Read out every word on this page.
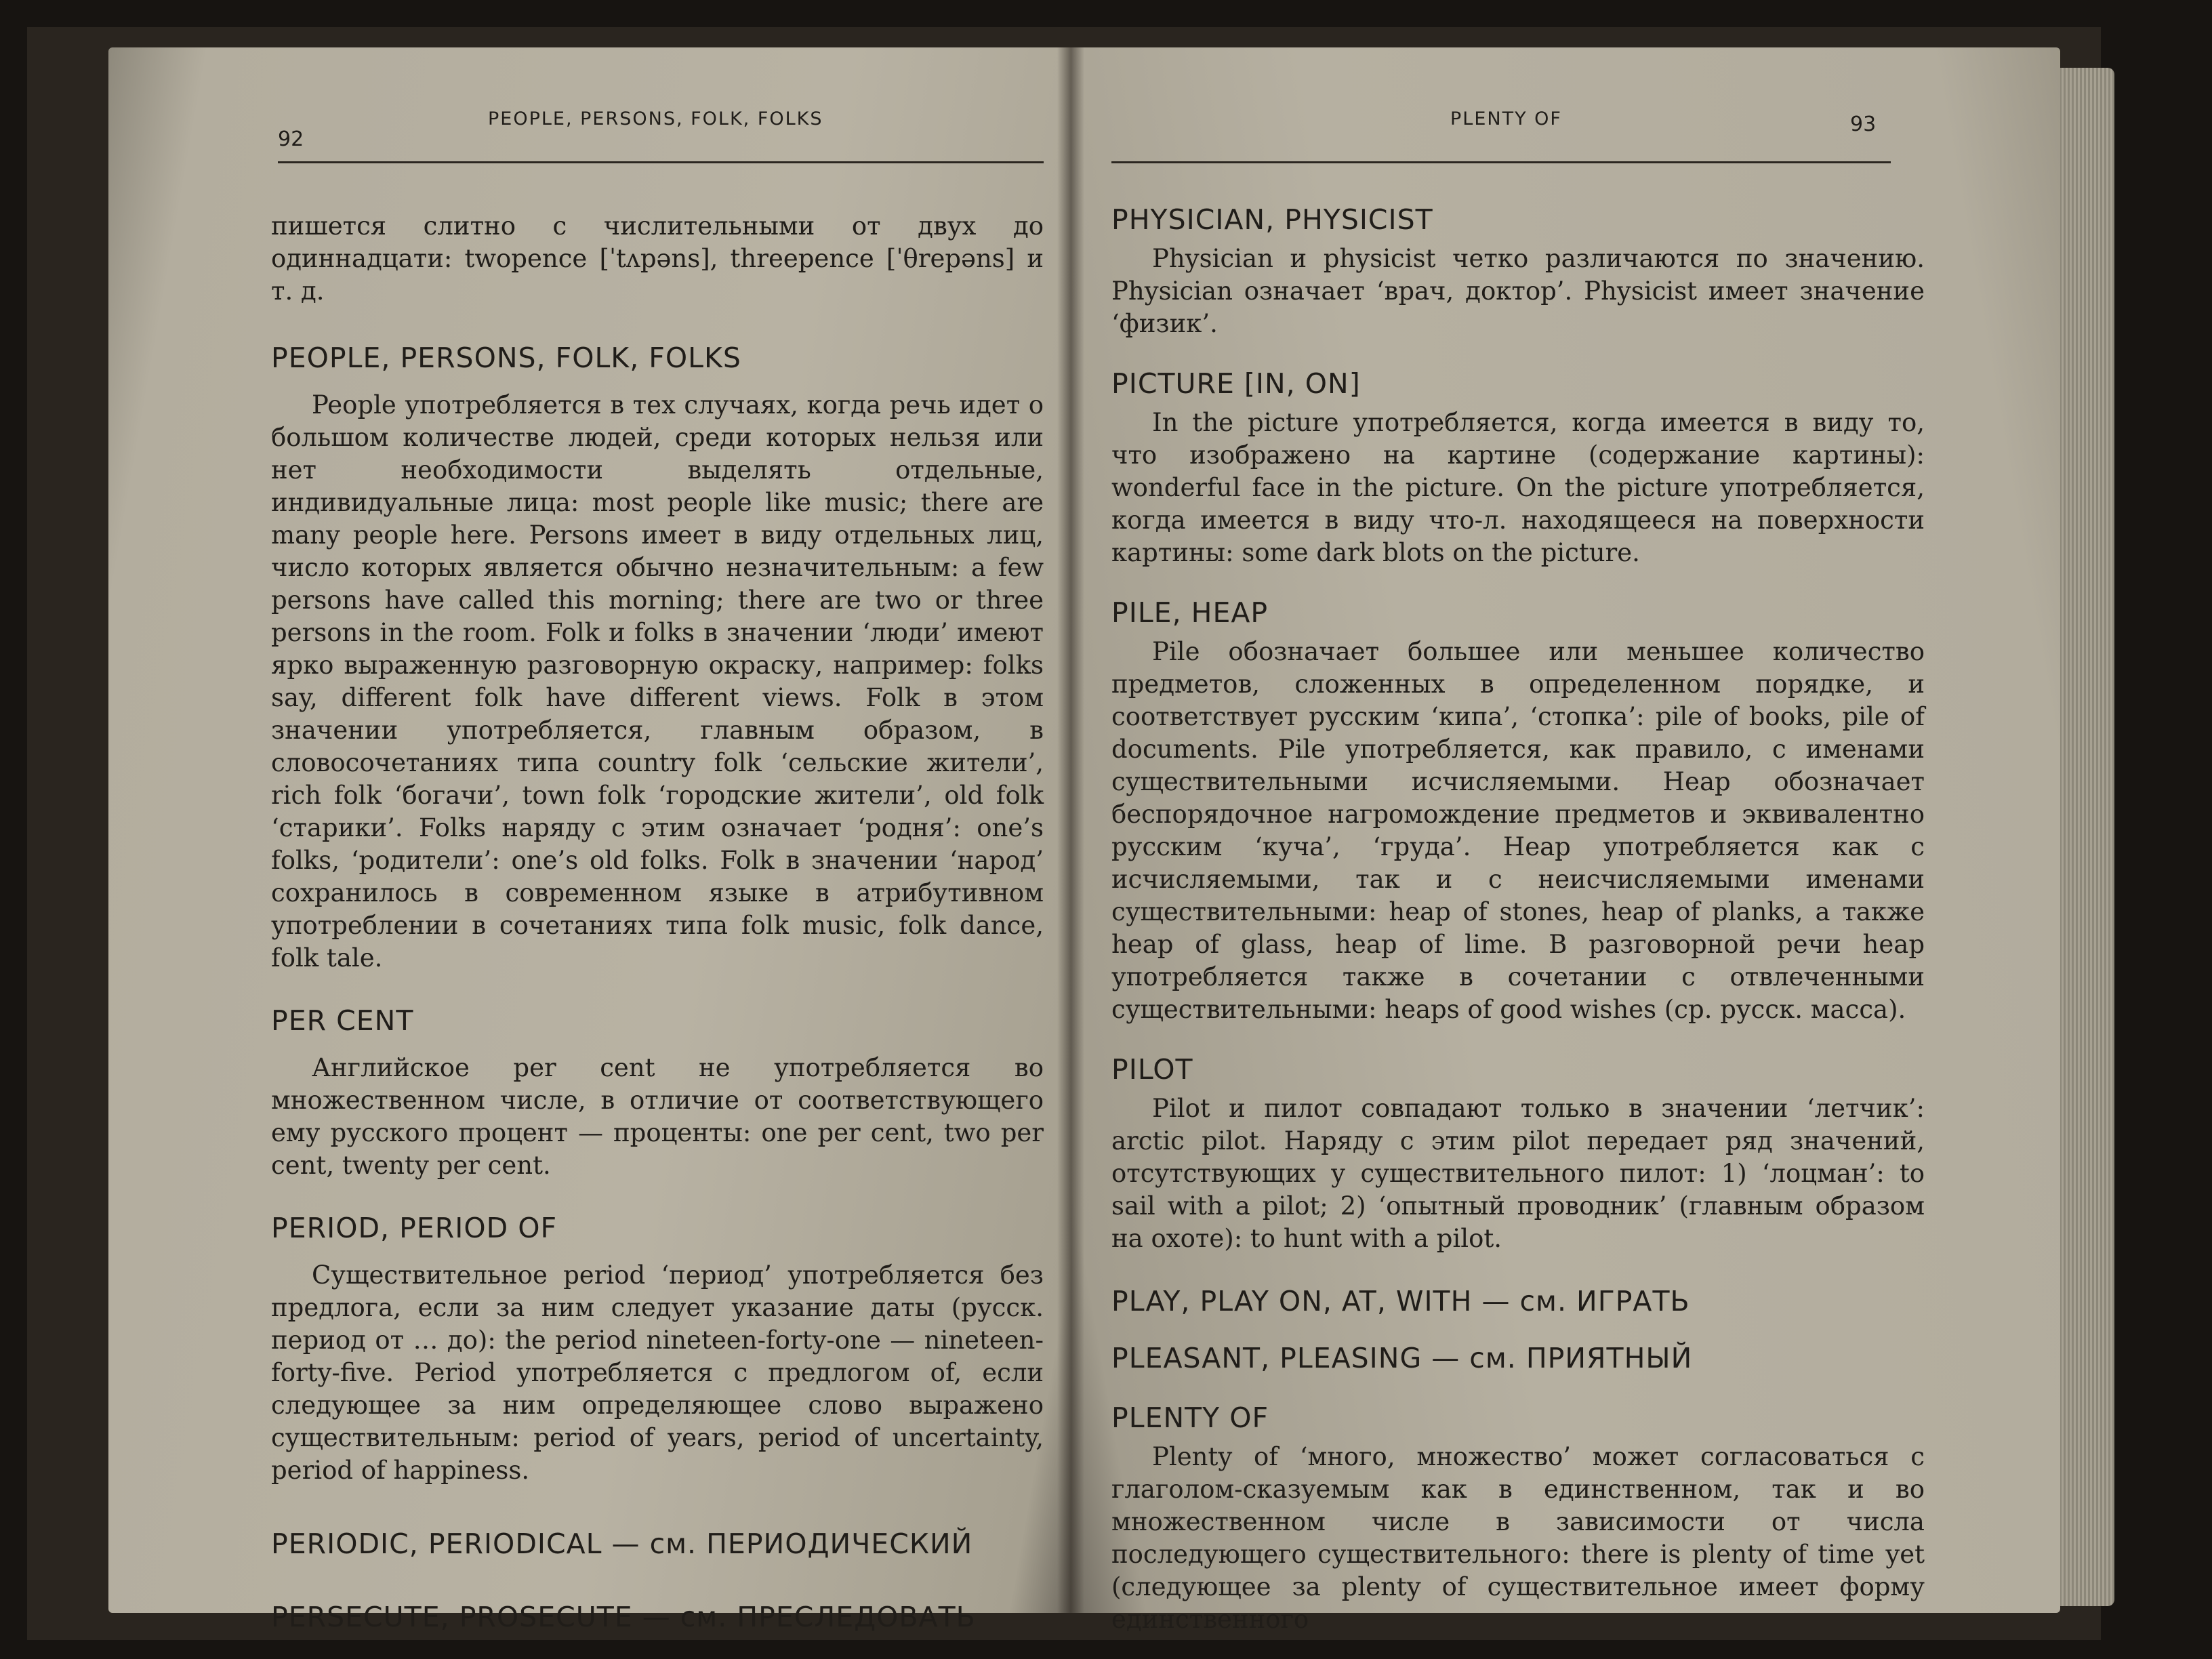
92
PEOPLE, PERSONS, FOLK, FOLKS

пишется слитно с числительными от двух до одиннадцати: twopence [ˈtʌpəns], threepence [ˈθrepəns] и т. д.

PEOPLE, PERSONS, FOLK, FOLKS

People употребляется в тех случаях, когда речь идет о большом количестве людей, среди которых нельзя или нет необходимости выделять отдельные, индивидуальные лица: most people like music; there are many people here. Persons имеет в виду отдельных лиц, число которых является обычно незначительным: a few persons have called this morning; there are two or three persons in the room. Folk и folks в значении ‘люди’ имеют ярко выраженную разговорную окраску, например: folks say, different folk have different views. Folk в этом значении употребляется, главным образом, в словосочетаниях типа country folk ‘сельские жители’, rich folk ‘богачи’, town folk ‘городские жители’, old folk ‘старики’. Folks наряду с этим означает ‘родня’: one’s folks, ‘родители’: one’s old folks. Folk в значении ‘народ’ сохранилось в современном языке в атрибутивном употреблении в сочетаниях типа folk music, folk dance, folk tale.

PER CENT

Английское per cent не употребляется во множественном числе, в отличие от соответствующего ему русского процент — проценты: one per cent, two per cent, twenty per cent.

PERIOD, PERIOD OF

Существительное period ‘период’ употребляется без предлога, если за ним следует указание даты (русск. период от … до): the period nineteen-forty-one — nineteen-forty-five. Period употребляется с предлогом of, если следующее за ним определяющее слово выражено существительным: period of years, period of uncertainty, period of happiness.

PERIODIC, PERIODICAL — см. ПЕРИОДИЧЕСКИЙ
PERSECUTE, PROSECUTE — см. ПРЕСЛЕДОВАТЬ
PLENTY OF	93
PHYSICIAN, PHYSICIST

Physician и physicist четко различаются по значению. Physician означает ‘врач, доктор’. Physicist имеет значение ‘физик’.

PICTURE [IN, ON]

In the picture употребляется, когда имеется в виду то, что изображено на картине (содержание картины): wonderful face in the picture. On the picture употребляется, когда имеется в виду что-л. находящееся на поверхности картины: some dark blots on the picture.

PILE, HEAP

Pile обозначает большее или меньшее количество предметов, сложенных в определенном порядке, и соответствует русским ‘кипа’, ‘стопка’: pile of books, pile of documents. Pile употребляется, как правило, с именами существительными исчисляемыми. Heap обозначает беспорядочное нагромождение предметов и эквивалентно русским ‘куча’, ‘груда’. Heap употребляется как с исчисляемыми, так и с неисчисляемыми именами существительными: heap of stones, heap of planks, а также heap of glass, heap of lime. В разговорной речи heap употребляется также в сочетании с отвлеченными существительными: heaps of good wishes (ср. русск. масса).

PILOT

Pilot и пилот совпадают только в значении ‘летчик’: arctic pilot. Наряду с этим pilot передает ряд значений, отсутствующих у существительного пилот: 1) ‘лоцман’: to sail with a pilot; 2) ‘опытный проводник’ (главным образом на охоте): to hunt with a pilot.

PLAY, PLAY ON, AT, WITH — см. ИГРАТЬ
PLEASANT, PLEASING — см. ПРИЯТНЫЙ
PLENTY OF

Plenty of ‘много, множество’ может согласоваться с глаголом-сказуемым как в единственном, так и во множественном числе в зависимости от числа последующего существительного: there is plenty of time yet (следующее за plenty of существительное имеет форму единственного
